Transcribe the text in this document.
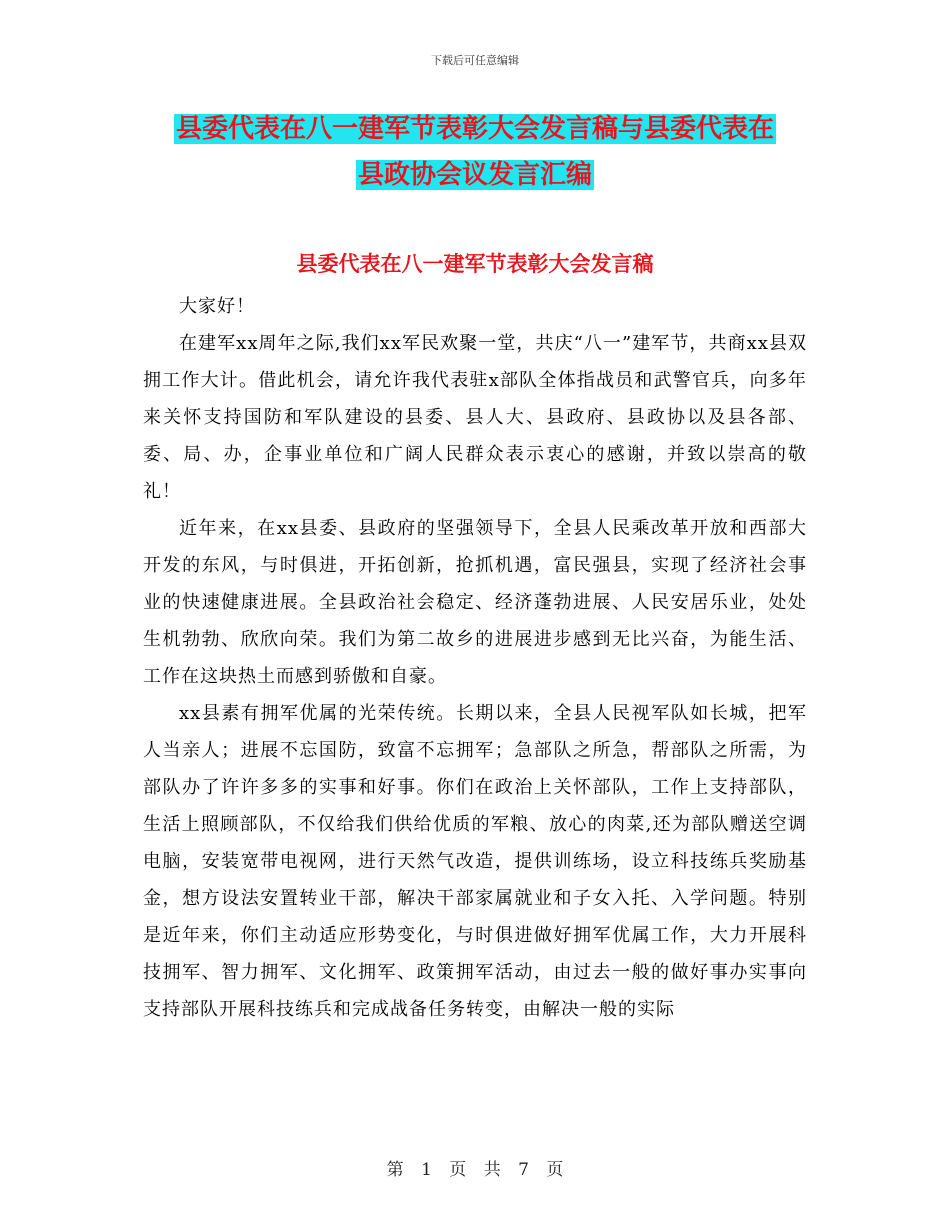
下载后可任意编辑
县委代表在八一建军节表彰大会发言稿与县委代表在
县政协会议发言汇编
县委代表在八一建军节表彰大会发言稿

大家好！

在建军xx周年之际,我们xx军民欢聚一堂，共庆“八一”建军节，共商xx县双拥工作大计。借此机会，请允许我代表驻x部队全体指战员和武警官兵，向多年来关怀支持国防和军队建设的县委、县人大、县政府、县政协以及县各部、委、局、办，企事业单位和广阔人民群众表示衷心的感谢，并致以崇高的敬礼！

近年来，在xx县委、县政府的坚强领导下，全县人民乘改革开放和西部大开发的东风，与时俱进，开拓创新，抢抓机遇，富民强县，实现了经济社会事业的快速健康进展。全县政治社会稳定、经济蓬勃进展、人民安居乐业，处处生机勃勃、欣欣向荣。我们为第二故乡的进展进步感到无比兴奋，为能生活、工作在这块热土而感到骄傲和自豪。

xx县素有拥军优属的光荣传统。长期以来，全县人民视军队如长城，把军人当亲人；进展不忘国防，致富不忘拥军；急部队之所急，帮部队之所需，为部队办了许许多多的实事和好事。你们在政治上关怀部队，工作上支持部队，生活上照顾部队，不仅给我们供给优质的军粮、放心的肉菜,还为部队赠送空调电脑，安装宽带电视网，进行天然气改造，提供训练场，设立科技练兵奖励基金，想方设法安置转业干部，解决干部家属就业和子女入托、入学问题。特别是近年来，你们主动适应形势变化，与时俱进做好拥军优属工作，大力开展科技拥军、智力拥军、文化拥军、政策拥军活动，由过去一般的做好事办实事向支持部队开展科技练兵和完成战备任务转变，由解决一般的实际

第 1 页 共 7 页
